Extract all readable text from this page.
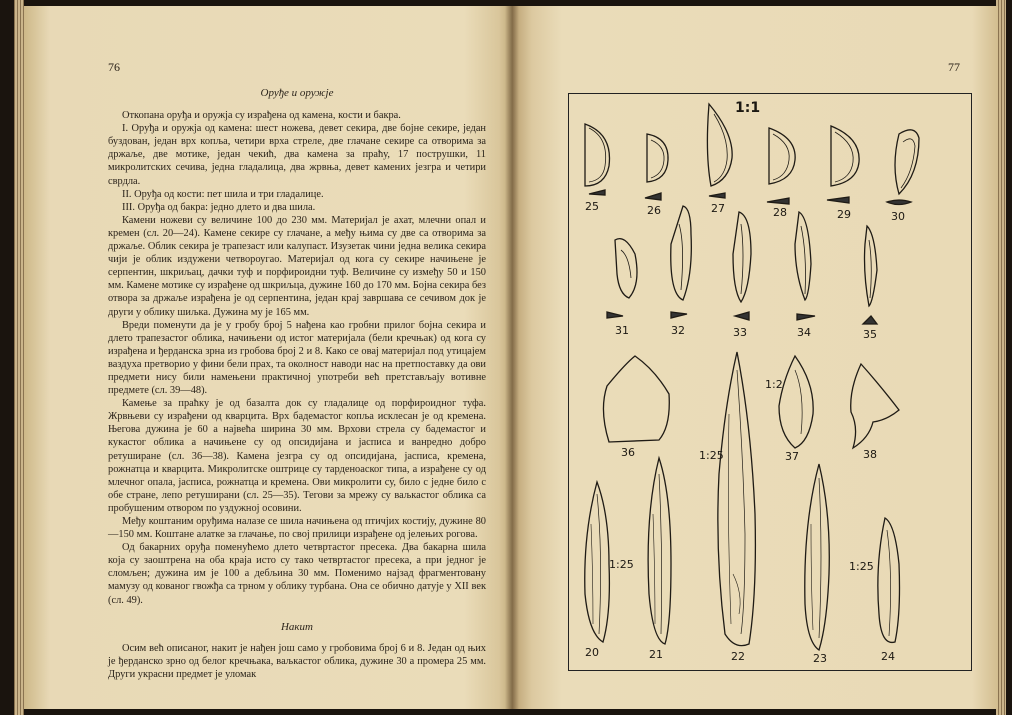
76	77
Оруђе и оружје

Откопана оруђа и оружја су израђена од камена, кости и бакра.

I. Оруђа и оружја од камена: шест ножева, девет секира, две бојне секире, један буздован, један врх копља, четири врха стреле, две глачане секире са отворима за држаље, две мотике, један чекић, два камена за праћу, 17 пострушки, 11 микролитских сечива, једна гладалица, два жрвња, девет камених језгра и четири сврдла.

II. Оруђа од кости: пет шила и три гладалице.

III. Оруђа од бакра: једно длето и два шила.

Камени ножеви су величине 100 до 230 мм. Материјал је ахат, млечни опал и кремен (сл. 20—24). Камене секире су глачане, а међу њима су две са отворима за држаље. Облик секира је трапезаст или калупаст. Изузетак чини једна велика секира чији је облик издужени четвороугао. Материјал од кога су секире начињене је серпентин, шкриљац, дачки туф и порфироидни туф. Величине су између 50 и 150 мм. Камене мотике су израђене од шкриљца, дужине 160 до 170 мм. Бојна секира без отвора за држаље израђена је од серпентина, један крај завршава се сечивом док је други у облику шиљка. Дужина му је 165 мм.

Вреди поменути да је у гробу број 5 нађена као гробни прилог бојна секира и длето трапезастог облика, начињени од истог материјала (бели кречњак) од кога су израђена и ђерданска зрна из гробова број 2 и 8. Како се овај материјал под утицајем ваздуха претворио у фини бели прах, та околност наводи нас на претпоставку да ови предмети нису били намењени практичној употреби већ претстављају вотивне предмете (сл. 39—48).

Камење за праћку је од базалта док су гладалице од порфироидног туфа. Жрвњеви су израђени од кварцита. Врх бадемастог копља исклесан је од кремена. Његова дужина је 60 а највећа ширина 30 мм. Врхови стрела су бадемастог и кукастог облика а начињене су од опсидијана и јасписа и ванредно добро ретуширане (сл. 36—38). Камена језгра су од опсидијана, јасписа, кремена, рожнатца и кварцита. Микролитске оштрице су тарденоаског типа, а израђене су од млечног опала, јасписа, рожнатца и кремена. Ови микролити су, било с једне било с обе стране, лепо ретуширани (сл. 25—35). Тегови за мрежу су ваљкастог облика са пробушеним отвором по уздужној осовини.

Међу коштаним оруђима налазе се шила начињена од птичјих костију, дужине 80—150 мм. Коштане алатке за глачање, по свој прилици израђене од јелењих рогова.

Од бакарних оруђа поменућемо длето четвртастог пресека. Два бакарна шила која су заоштрена на оба краја исто су тако четвртастог пресека, а при једног је сломљен; дужина им је 100 а дебљина 30 мм. Поменимо најзад фрагментовану мамузу од кованог гвожђа са трном у облику турбана. Она се обично датује у XII век (сл. 49).

Накит

Осим већ описаног, накит је нађен још само у гробовима број 6 и 8. Један од њих је ђерданско зрно од белог кречњака, ваљкастог облика, дужине 30 а промера 25 мм. Други украсни предмет је уломак

1:1
1:2
1:25
1:25	1:25
25	26	27	28	29	30
31	32	33	34	35
36	37	38
20	21	22	23	24
